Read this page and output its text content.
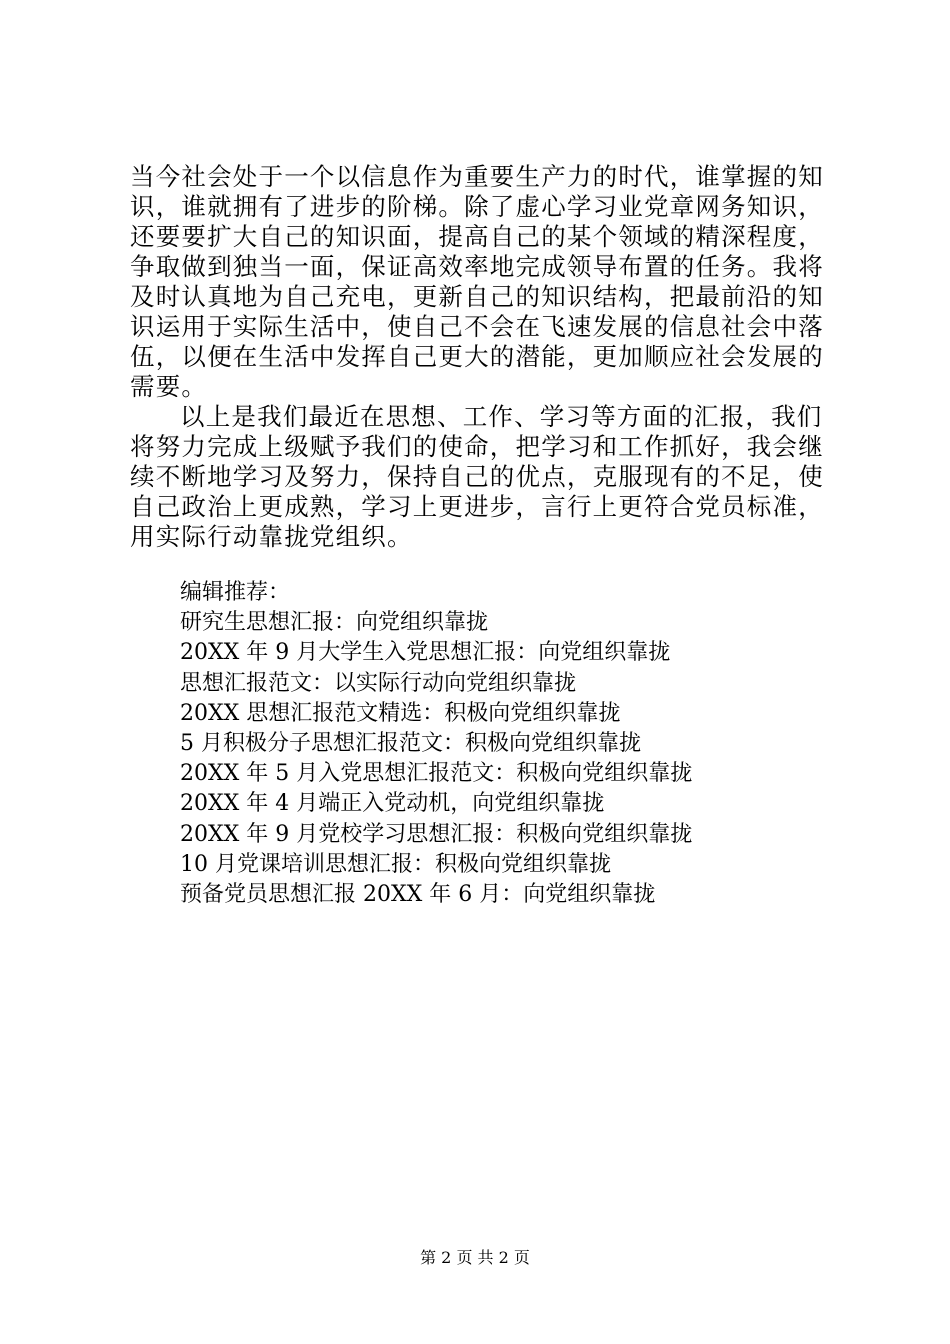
当今社会处于一个以信息作为重要生产力的时代，谁掌握的知
识，谁就拥有了进步的阶梯。除了虚心学习业党章网务知识，
还要要扩大自己的知识面，提高自己的某个领域的精深程度，
争取做到独当一面，保证高效率地完成领导布置的任务。我将
及时认真地为自己充电，更新自己的知识结构，把最前沿的知
识运用于实际生活中，使自己不会在飞速发展的信息社会中落
伍，以便在生活中发挥自己更大的潜能，更加顺应社会发展的
需要。
以上是我们最近在思想、工作、学习等方面的汇报，我们
将努力完成上级赋予我们的使命，把学习和工作抓好，我会继
续不断地学习及努力，保持自己的优点，克服现有的不足，使
自己政治上更成熟，学习上更进步，言行上更符合党员标准，
用实际行动靠拢党组织。
编辑推荐：
研究生思想汇报：向党组织靠拢
20XX 年 9 月大学生入党思想汇报：向党组织靠拢
思想汇报范文：以实际行动向党组织靠拢
20XX 思想汇报范文精选：积极向党组织靠拢
5 月积极分子思想汇报范文：积极向党组织靠拢
20XX 年 5 月入党思想汇报范文：积极向党组织靠拢
20XX 年 4 月端正入党动机，向党组织靠拢
20XX 年 9 月党校学习思想汇报：积极向党组织靠拢
10 月党课培训思想汇报：积极向党组织靠拢
预备党员思想汇报 20XX 年 6 月：向党组织靠拢
第 2 页 共 2 页
